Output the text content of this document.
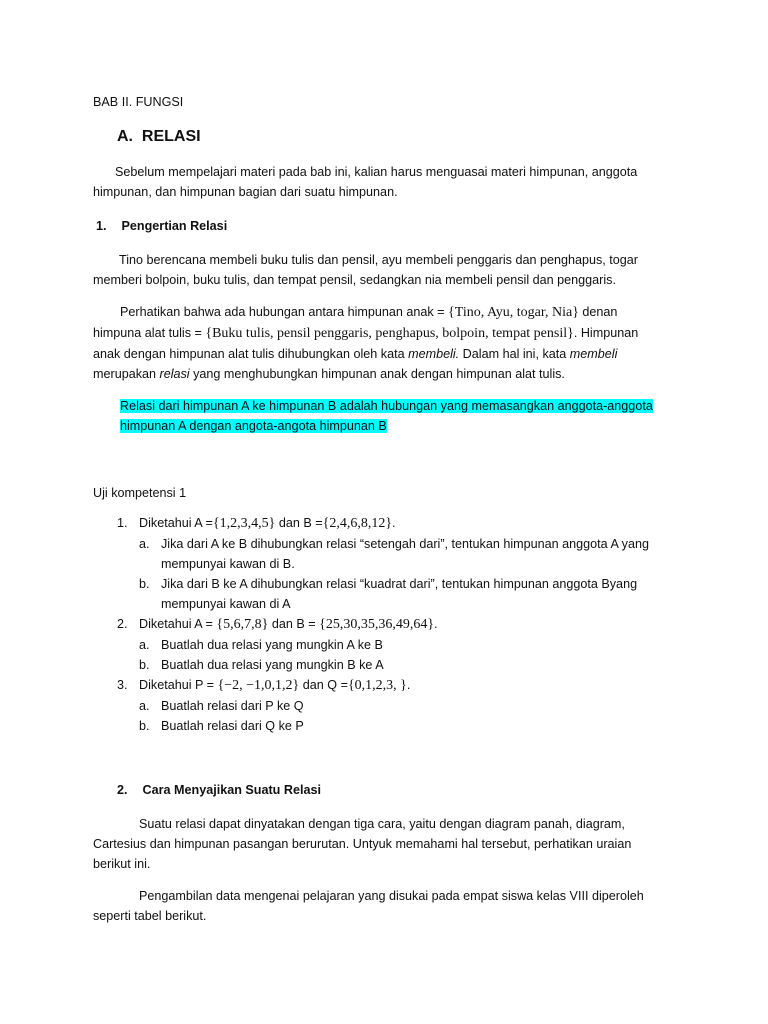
BAB II. FUNGSI

A. RELASI

Sebelum mempelajari materi pada bab ini, kalian harus menguasai materi himpunan, anggota himpunan, dan himpunan bagian dari suatu himpunan.

1. Pengertian Relasi

Tino berencana membeli buku tulis dan pensil, ayu membeli penggaris dan penghapus, togar memberi bolpoin, buku tulis, dan tempat pensil, sedangkan nia membeli pensil dan penggaris.

Perhatikan bahwa ada hubungan antara himpunan anak = {Tino, Ayu, togar, Nia} denan
himpuna alat tulis = {Buku tulis, pensil penggaris, penghapus, bolpoin, tempat pensil}. Himpunan
anak dengan himpunan alat tulis dihubungkan oleh kata membeli. Dalam hal ini, kata membeli
merupakan relasi yang menghubungkan himpunan anak dengan himpunan alat tulis.
Relasi dari himpunan A ke himpunan B adalah hubungan yang memasangkan anggota-anggota
himpunan A dengan angota-angota himpunan B

Uji kompetensi 1

1. Diketahui A ={1,2,3,4,5} dan B ={2,4,6,8,12}.
a. Jika dari A ke B dihubungkan relasi “setengah dari”, tentukan himpunan anggota A yang
mempunyai kawan di B.
b. Jika dari B ke A dihubungkan relasi “kuadrat dari”, tentukan himpunan anggota Byang
mempunyai kawan di A
2. Diketahui A = {5,6,7,8} dan B = {25,30,35,36,49,64}.
a. Buatlah dua relasi yang mungkin A ke B
b. Buatlah dua relasi yang mungkin B ke A
3. Diketahui P = {−2, −1,0,1,2} dan Q ={0,1,2,3, }.
a. Buatlah relasi dari P ke Q
b. Buatlah relasi dari Q ke P

2. Cara Menyajikan Suatu Relasi

Suatu relasi dapat dinyatakan dengan tiga cara, yaitu dengan diagram panah, diagram,
Cartesius dan himpunan pasangan berurutan. Untyuk memahami hal tersebut, perhatikan uraian
berikut ini.
Pengambilan data mengenai pelajaran yang disukai pada empat siswa kelas VIII diperoleh
seperti tabel berikut.
